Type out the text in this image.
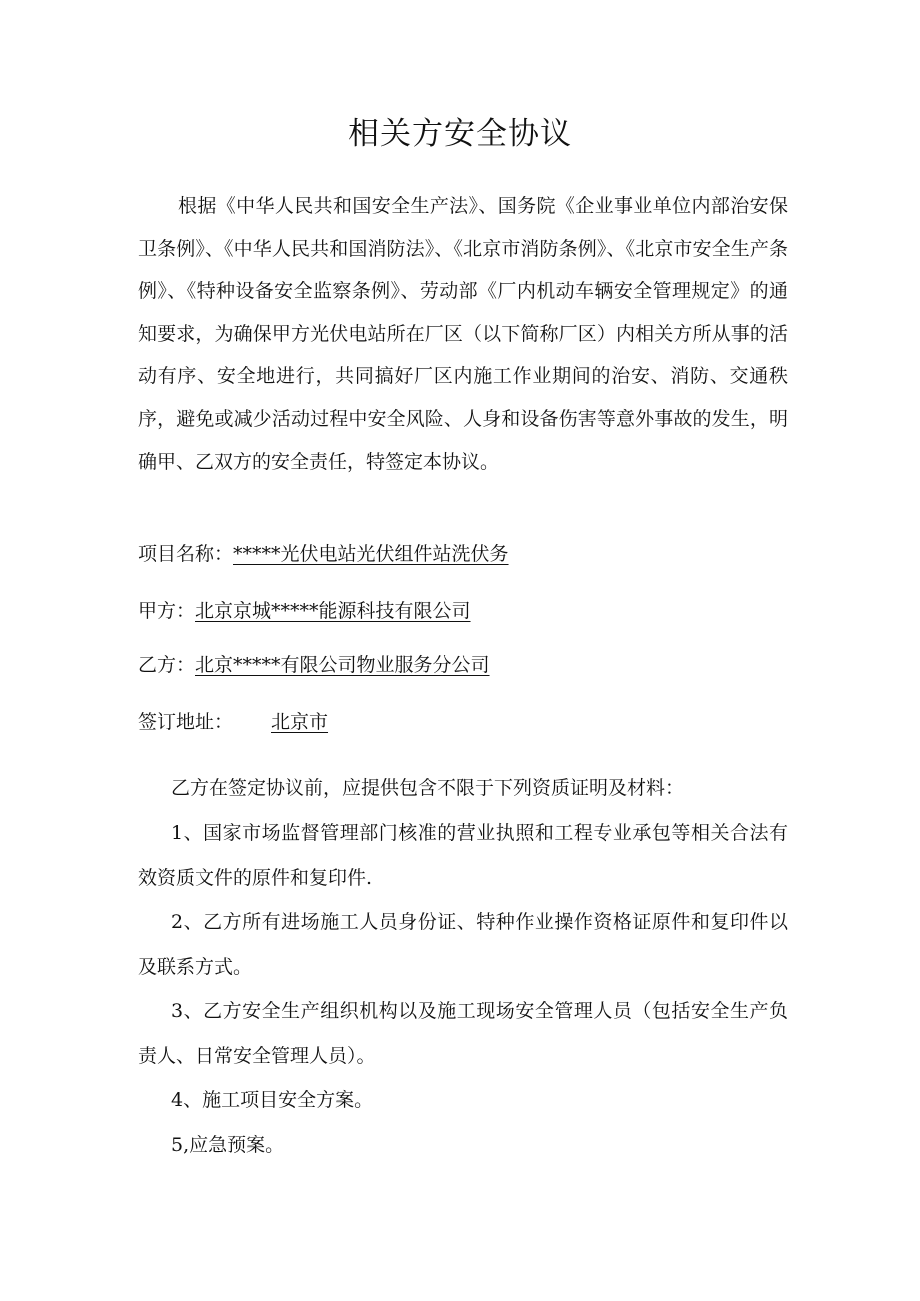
相关方安全协议

根据《中华人民共和国安全生产法》、国务院《企业事业单位内部治安保卫条例》、《中华人民共和国消防法》、《北京市消防条例》、《北京市安全生产条例》、《特种设备安全监察条例》、劳动部《厂内机动车辆安全管理规定》的通知要求，为确保甲方光伏电站所在厂区（以下简称厂区）内相关方所从事的活动有序、安全地进行，共同搞好厂区内施工作业期间的治安、消防、交通秩序，避免或减少活动过程中安全风险、人身和设备伤害等意外事故的发生，明确甲、乙双方的安全责任，特签定本协议。

项目名称：*****光伏电站光伏组件站洗伏务
甲方：北京京城*****能源科技有限公司
乙方：北京*****有限公司物业服务分公司
签订地址： 北京市

乙方在签定协议前，应提供包含不限于下列资质证明及材料：

1、国家市场监督管理部门核准的营业执照和工程专业承包等相关合法有效资质文件的原件和复印件.

2、乙方所有进场施工人员身份证、特种作业操作资格证原件和复印件以及联系方式。

3、乙方安全生产组织机构以及施工现场安全管理人员（包括安全生产负责人、日常安全管理人员）。

4、施工项目安全方案。

5,应急预案。
